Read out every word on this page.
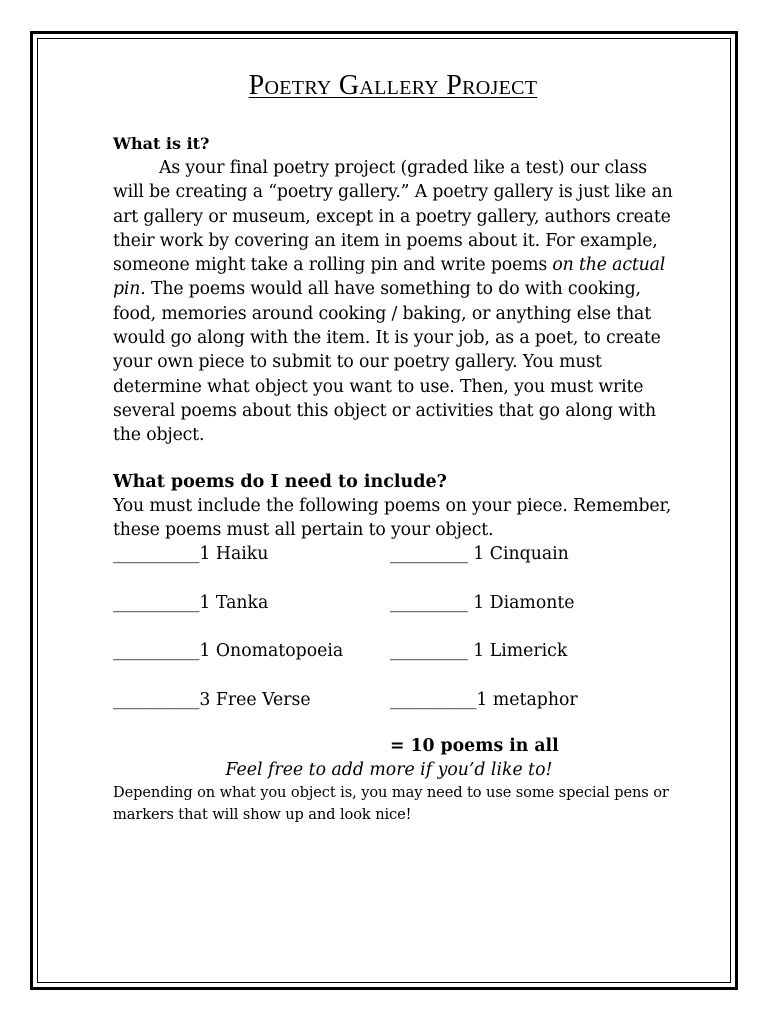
Poetry Gallery Project

What is it?

As your final poetry project (graded like a test) our class will be creating a “poetry gallery.” A poetry gallery is just like an art gallery or museum, except in a poetry gallery, authors create their work by covering an item in poems about it. For example, someone might take a rolling pin and write poems on the actual pin. The poems would all have something to do with cooking, food, memories around cooking / baking, or anything else that would go along with the item. It is your job, as a poet, to create your own piece to submit to our poetry gallery. You must determine what object you want to use. Then, you must write several poems about this object or activities that go along with the object.

What poems do I need to include?

You must include the following poems on your piece. Remember, these poems must all pertain to your object.

__________1 Haiku	_________ 1 Cinquain
__________1 Tanka	_________ 1 Diamonte
__________1 Onomatopoeia	_________ 1 Limerick
__________3 Free Verse	__________1 metaphor
= 10 poems in all
Feel free to add more if you’d like to!

Depending on what you object is, you may need to use some special pens or markers that will show up and look nice!
